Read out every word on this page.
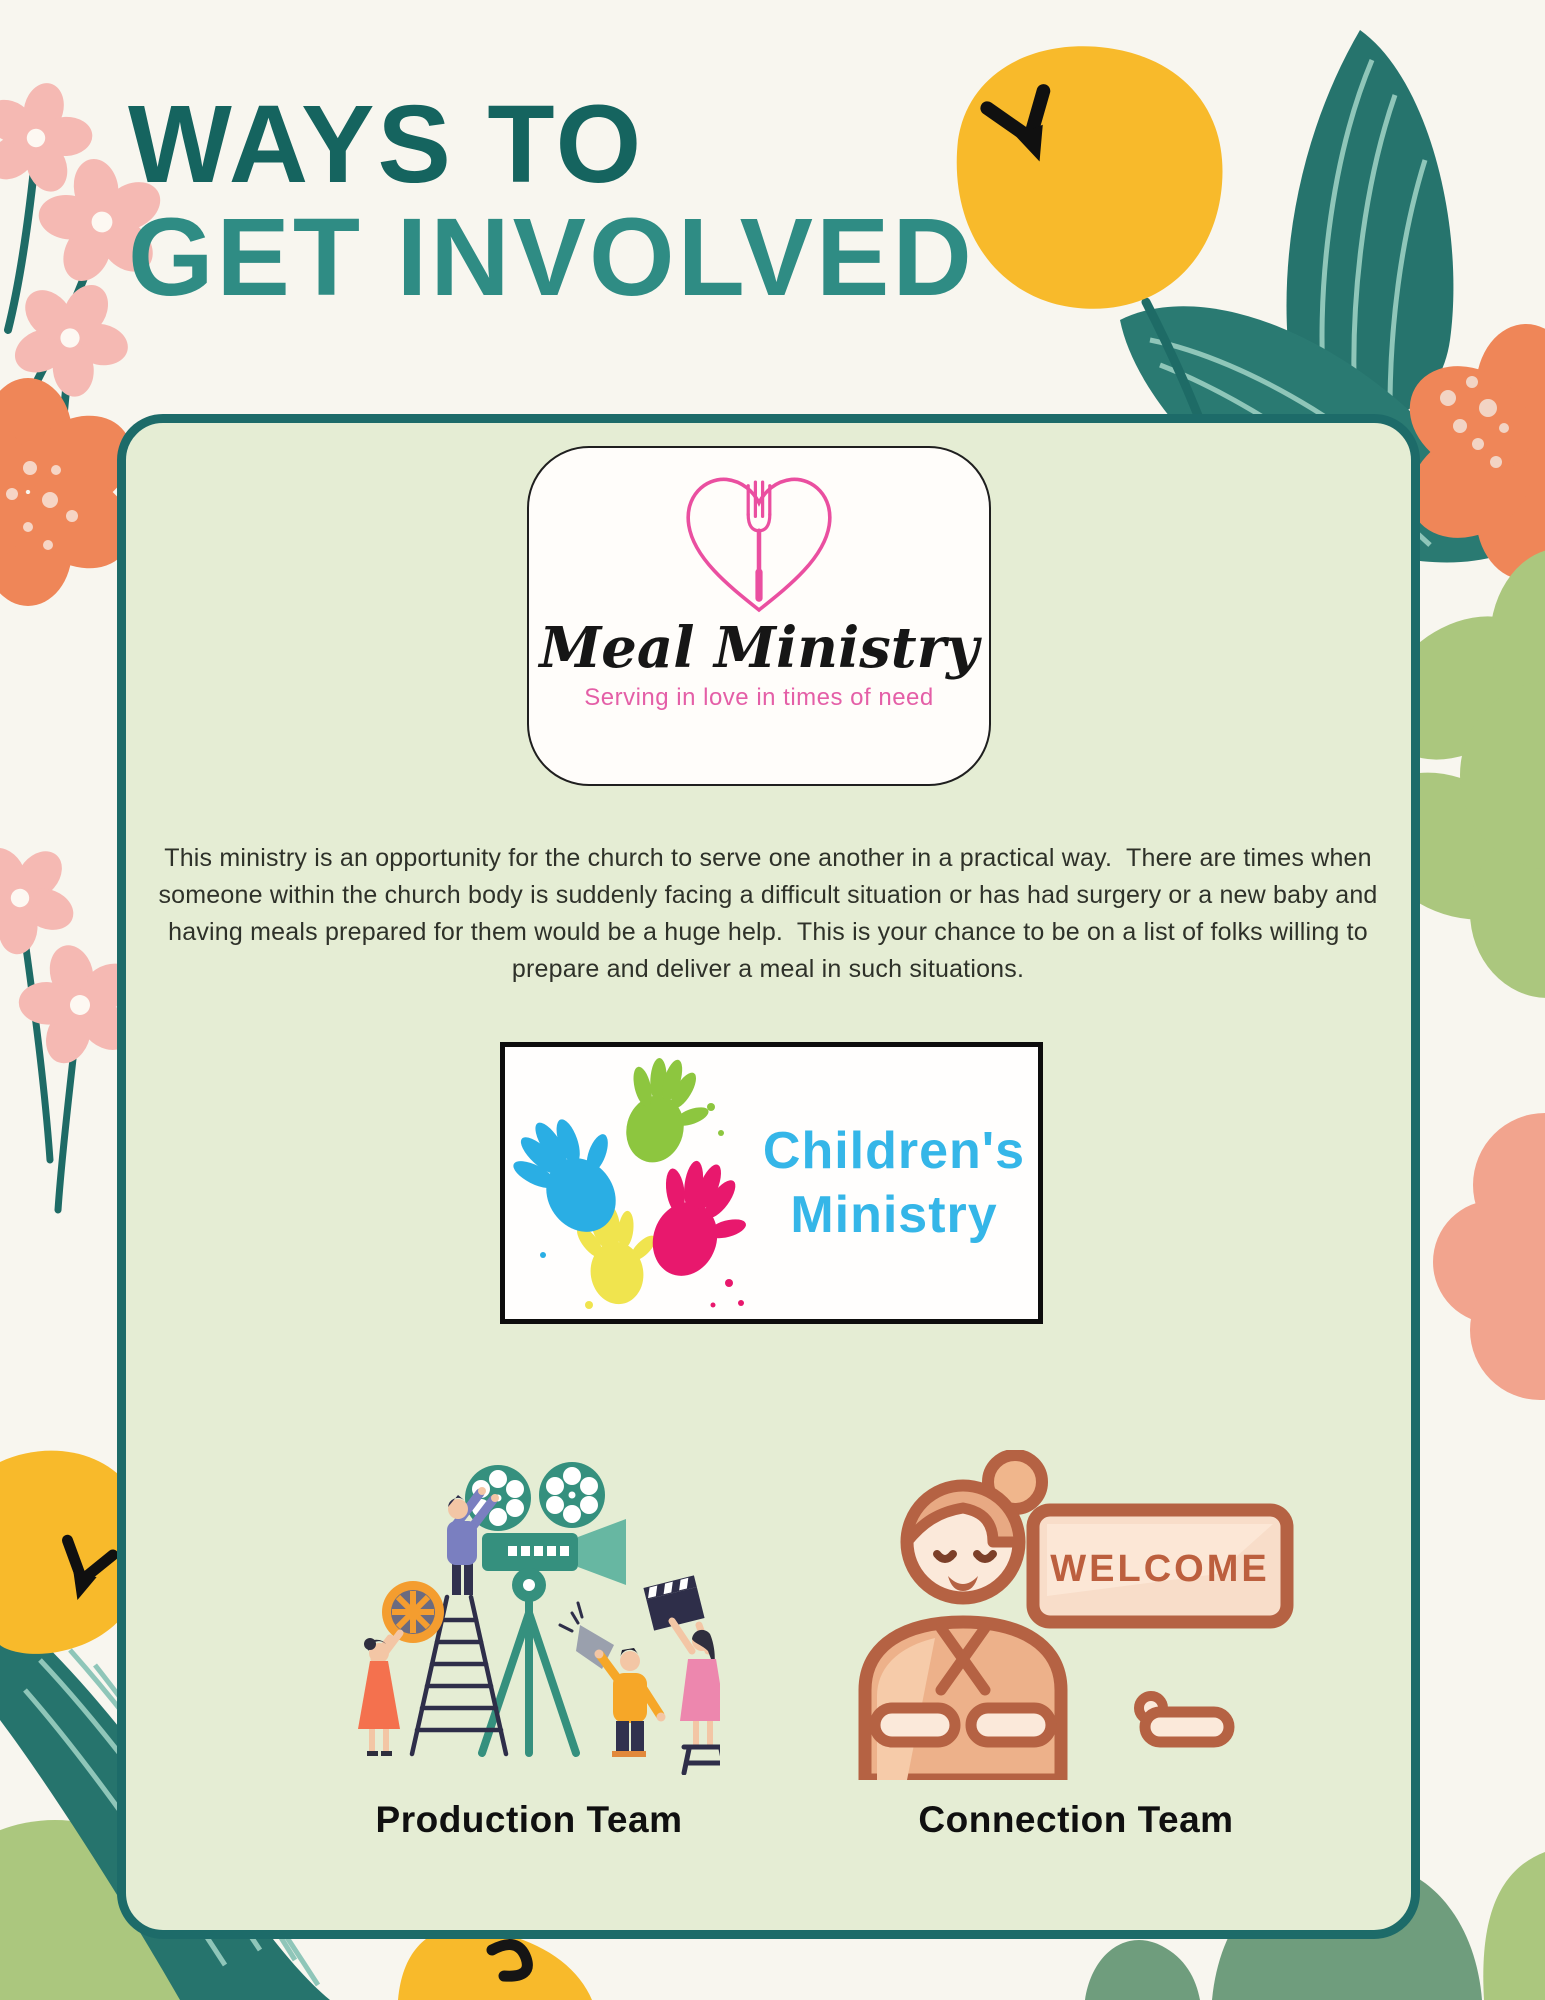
WAYS TO
GET INVOLVED
Meal Ministry
Serving in love in times of need
This ministry is an opportunity for the church to serve one another in a practical way.  There are times when someone within the church body is suddenly facing a difficult situation or has had surgery or a new baby and having meals prepared for them would be a huge help.  This is your chance to be on a list of folks willing to prepare and deliver a meal in such situations.
Children's
Ministry
WELCOME
Production Team	Connection Team
